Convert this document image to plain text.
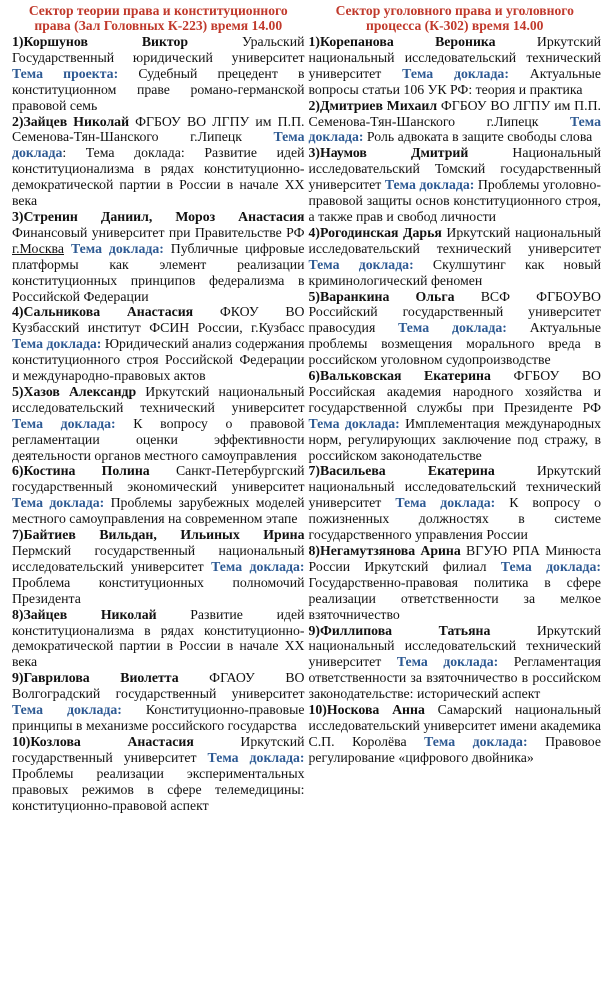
Сектор теории права и конституционного права (Зал Головных К-223) время 14.00

1)Коршунов Виктор Уральский Государственный юридический университет Тема проекта: Судебный прецедент в конституционном праве романо-германской правовой семь

2)Зайцев Николай ФГБОУ ВО ЛГПУ им П.П. Семенова-Тян-Шанского г.Липецк Тема доклада: Тема доклада: Развитие идей конституционализма в рядах конституционно-демократической партии в России в начале XX века

3)Стренин Даниил, Мороз Анастасия Финансовый университет при Правительстве РФ г.Москва Тема доклада: Публичные цифровые платформы как элемент реализации конституционных принципов федерализма в Российской Федерации

4)Сальникова Анастасия ФКОУ ВО Кузбасский институт ФСИН России, г.Кузбасс Тема доклада: Юридический анализ содержания конституционного строя Российской Федерации и международно-правовых актов

5)Хазов Александр Иркутский национальный исследовательский технический университет Тема доклада: К вопросу о правовой регламентации оценки эффективности деятельности органов местного самоуправления

6)Костина Полина Санкт-Петербургский государственный экономический университет Тема доклада: Проблемы зарубежных моделей местного самоуправления на современном этапе

7)Байтиев Вильдан, Ильиных Ирина Пермский государственный национальный исследовательский университет Тема доклада: Проблема конституционных полномочий Президента

8)Зайцев Николай Развитие идей конституционализма в рядах конституционно-демократической партии в России в начале XX века

9)Гаврилова Виолетта ФГАОУ ВО Волгоградский государственный университет Тема доклада: Конституционно-правовые принципы в механизме российского государства

10)Козлова Анастасия Иркутский государственный университет Тема доклада: Проблемы реализации экспериментальных правовых режимов в сфере телемедицины: конституционно-правовой аспект

Сектор уголовного права и уголовного процесса (К-302) время 14.00

1)Корепанова Вероника Иркутский национальный исследовательский технический университет Тема доклада: Актуальные вопросы статьи 106 УК РФ: теория и практика

2)Дмитриев Михаил ФГБОУ ВО ЛГПУ им П.П. Семенова-Тян-Шанского г.Липецк Тема доклада: Роль адвоката в защите свободы слова

3)Наумов Дмитрий Национальный исследовательский Томский государственный университет Тема доклада: Проблемы уголовно-правовой защиты основ конституционного строя, а также прав и свобод личности

4)Рогодинская Дарья Иркутский национальный исследовательский технический университет Тема доклада: Скулшутинг как новый криминологический феномен

5)Варанкина Ольга ВСФ ФГБОУВО Российский государственный университет правосудия Тема доклада: Актуальные проблемы возмещения морального вреда в российском уголовном судопроизводстве

6)Вальковская Екатерина ФГБОУ ВО Российская академия народного хозяйства и государственной службы при Президенте РФ Тема доклада: Имплементация международных норм, регулирующих заключение под стражу, в российском законодательстве

7)Васильева Екатерина Иркутский национальный исследовательский технический университет Тема доклада: К вопросу о пожизненных должностях в системе государственного управления России

8)Негамутзянова Арина ВГУЮ РПА Минюста России Иркутский филиал Тема доклада: Государственно-правовая политика в сфере реализации ответственности за мелкое взяточничество

9)Филлипова Татьяна Иркутский национальный исследовательский технический университет Тема доклада: Регламентация ответственности за взяточничество в российском законодательстве: исторический аспект

10)Носкова Анна Самарский национальный исследовательский университет имени академика С.П. Королёва Тема доклада: Правовое регулирование «цифрового двойника»
